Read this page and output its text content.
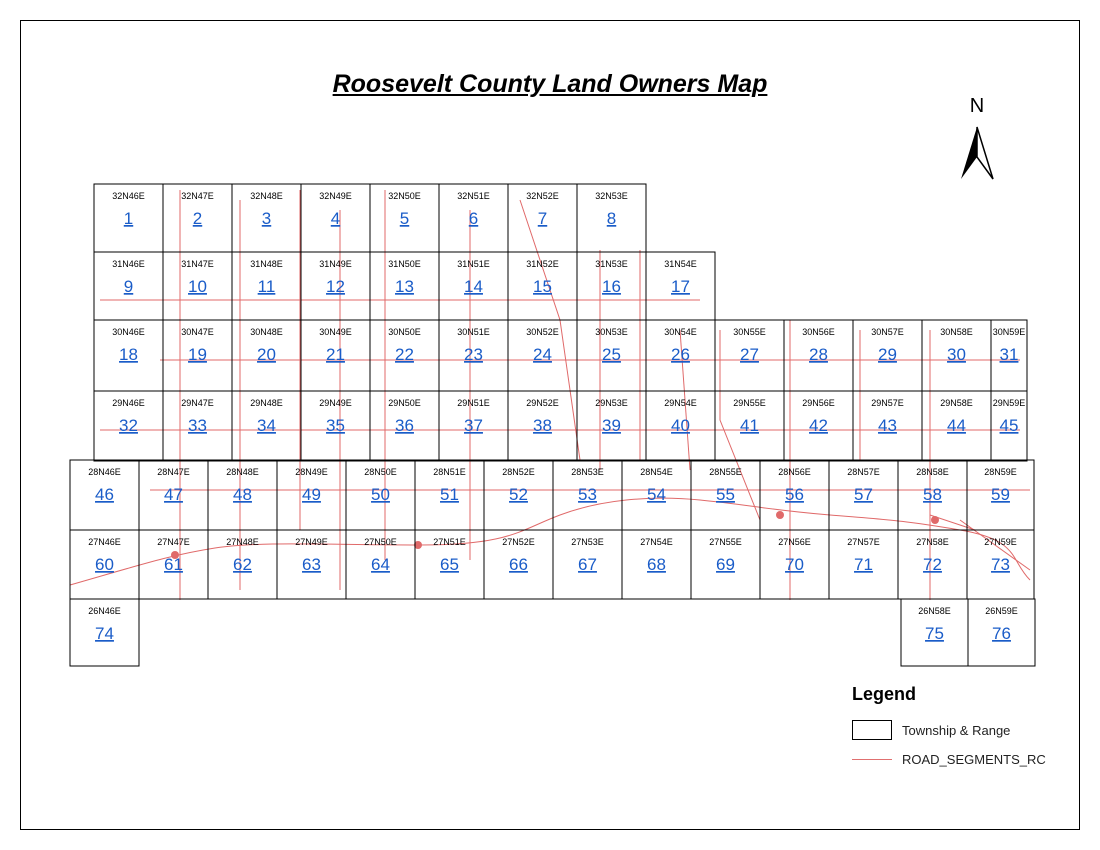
Roosevelt County Land Owners Map
N
32N46E
1
32N47E
2
32N48E
3
32N49E
4
32N50E
5
32N51E
6
32N52E
7
32N53E
8
31N46E
9
31N47E
10
31N48E
11
31N49E
12
31N50E
13
31N51E
14
31N52E
15
31N53E
16
31N54E
17
30N46E
18
30N47E
19
30N48E
20
30N49E
21
30N50E
22
30N51E
23
30N52E
24
30N53E
25
30N54E
26
30N55E
27
30N56E
28
30N57E
29
30N58E
30
30N59E
31
29N46E
32
29N47E
33
29N48E
34
29N49E
35
29N50E
36
29N51E
37
29N52E
38
29N53E
39
29N54E
40
29N55E
41
29N56E
42
29N57E
43
29N58E
44
29N59E
45
28N46E
46
28N47E
47
28N48E
48
28N49E
49
28N50E
50
28N51E
51
28N52E
52
28N53E
53
28N54E
54
28N55E
55
28N56E
56
28N57E
57
28N58E
58
28N59E
59
27N46E
60
27N47E
61
27N48E
62
27N49E
63
27N50E
64
27N51E
65
27N52E
66
27N53E
67
27N54E
68
27N55E
69
27N56E
70
27N57E
71
27N58E
72
27N59E
73
26N46E
74
26N58E
75
26N59E
76
Legend
Township & Range
ROAD_SEGMENTS_RC
